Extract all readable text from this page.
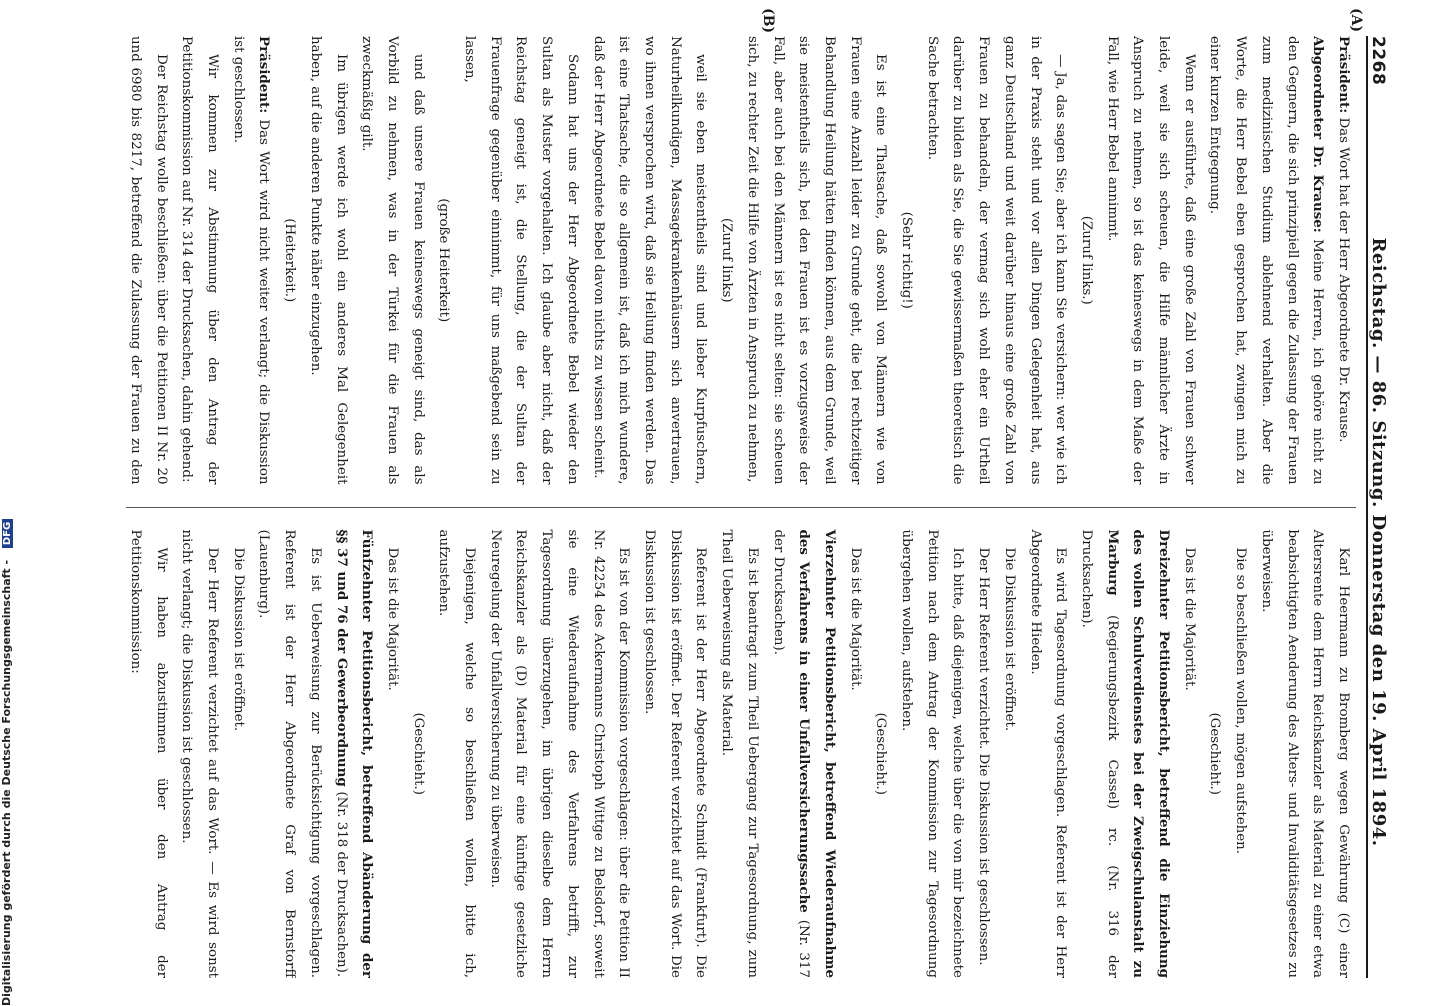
2268
Reichstag. — 86. Sitzung. Donnerstag den 19. April 1894.
(A)
(B)

Präsident: Das Wort hat der Herr Abgeordnete Dr. Krause.

Abgeordneter Dr. Krause: Meine Herren, ich gehöre nicht zu den Gegnern, die sich prinzipiell gegen die Zulassung der Frauen zum medizinischen Studium ablehnend verhalten. Aber die Worte, die Herr Bebel eben gesprochen hat, zwingen mich zu einer kurzen Entgegnung.

Wenn er ausführte, daß eine große Zahl von Frauen schwer leide, weil sie sich scheuen, die Hilfe männlicher Ärzte in Anspruch zu nehmen, so ist das keineswegs in dem Maße der Fall, wie Herr Bebel annimmt.

(Zuruf links.)

— Ja, das sagen Sie; aber ich kann Sie versichern: wer wie ich in der Praxis steht und vor allen Dingen Gelegenheit hat, aus ganz Deutschland und weit darüber hinaus eine große Zahl von Frauen zu behandeln, der vermag sich wohl eher ein Urtheil darüber zu bilden als Sie, die Sie gewissermaßen theoretisch die Sache betrachten.

(Sehr richtig!)

Es ist eine Thatsache, daß sowohl von Männern wie von Frauen eine Anzahl leider zu Grunde geht, die bei rechtzeitiger Behandlung Heilung hätten finden können, aus dem Grunde, weil sie meistentheils sich, bei den Frauen ist es vorzugsweise der Fall, aber auch bei den Männern ist es nicht selten: sie scheuen sich, zu rechter Zeit die Hilfe von Ärzten in Anspruch zu nehmen,

(Zuruf links)

weil sie eben meistentheils sind und lieber Kurpfuschern, Naturheilkundigen, Massagekrankenhäusern sich anvertrauen, wo ihnen versprochen wird, daß sie Heilung finden werden. Das ist eine Thatsache, die so allgemein ist, daß ich mich wundere, daß der Herr Abgeordnete Bebel davon nichts zu wissen scheint.

Sodann hat uns der Herr Abgeordnete Bebel wieder den Sultan als Muster vorgehalten. Ich glaube aber nicht, daß der Reichstag geneigt ist, die Stellung, die der Sultan der Frauenfrage gegenüber einnimmt, für uns maßgebend sein zu lassen,

(große Heiterkeit)

und daß unsere Frauen keineswegs geneigt sind, das als Vorbild zu nehmen, was in der Türkei für die Frauen als zweckmäßig gilt.

Im übrigen werde ich wohl ein anderes Mal Gelegenheit haben, auf die anderen Punkte näher einzugehen.

(Heiterkeit.)

Präsident: Das Wort wird nicht weiter verlangt; die Diskussion ist geschlossen.

Wir kommen zur Abstimmung über den Antrag der Petitionskommission auf Nr. 314 der Drucksachen, dahin gehend:

Der Reichstag wolle beschließen: über die Petitionen II Nr. 20 und 6980 bis 8217, betreffend die Zulassung der Frauen zu den

Karl Heermann zu Bromberg wegen Gewährung (C) einer Altersrente dem Herrn Reichskanzler als Material zu einer etwa beabsichtigten Aenderung des Alters- und Invaliditätsgesetzes zu überweisen.

Die so beschließen wollen, mögen aufstehen.

(Geschieht.)

Das ist die Majorität.

Dreizehnter Petitionsbericht, betreffend die Einziehung des vollen Schulverdienstes bei der Zweigschulanstalt zu Marburg (Regierungsbezirk Cassel) rc. (Nr. 316 der Drucksachen).

Es wird Tagesordnung vorgeschlagen. Referent ist der Herr Abgeordnete Hieden.

Die Diskussion ist eröffnet.

Der Herr Referent verzichtet. Die Diskussion ist geschlossen.

Ich bitte, daß diejenigen, welche über die von mir bezeichnete Petition nach dem Antrag der Kommission zur Tagesordnung übergehen wollen, aufstehen.

(Geschieht.)

Das ist die Majorität.

Vierzehnter Petitionsbericht, betreffend Wiederaufnahme des Verfahrens in einer Unfallversicherungssache (Nr. 317 der Drucksachen).

Es ist beantragt zum Theil Uebergang zur Tagesordnung, zum Theil Ueberweisung als Material.

Referent ist der Herr Abgeordnete Schmidt (Frankfurt). Die Diskussion ist eröffnet. Der Referent verzichtet auf das Wort. Die Diskussion ist geschlossen.

Es ist von der Kommission vorgeschlagen: über die Petition II Nr. 42254 des Ackermanns Christoph Wittge zu Belsdorf, soweit sie eine Wiederaufnahme des Verfahrens betrifft, zur Tagesordnung überzugehen, im übrigen dieselbe dem Herrn Reichskanzler als (D) Material für eine künftige gesetzliche Neuregelung der Unfallversicherung zu überweisen.

Diejenigen, welche so beschließen wollen, bitte ich, aufzustehen.

(Geschieht.)

Das ist die Majorität.

Fünfzehnter Petitionsbericht, betreffend Abänderung der §§ 37 und 76 der Gewerbeordnung (Nr. 318 der Drucksachen).

Es ist Ueberweisung zur Berücksichtigung vorgeschlagen. Referent ist der Herr Abgeordnete Graf von Bernstorff (Lauenburg).

Die Diskussion ist eröffnet.

Der Herr Referent verzichtet auf das Wort. — Es wird sonst nicht verlangt; die Diskussion ist geschlossen.

Wir haben abzustimmen über den Antrag der Petitionskommission:

Digitalisierung gefördert durch die Deutsche Forschungsgemeinschaft - DFG
